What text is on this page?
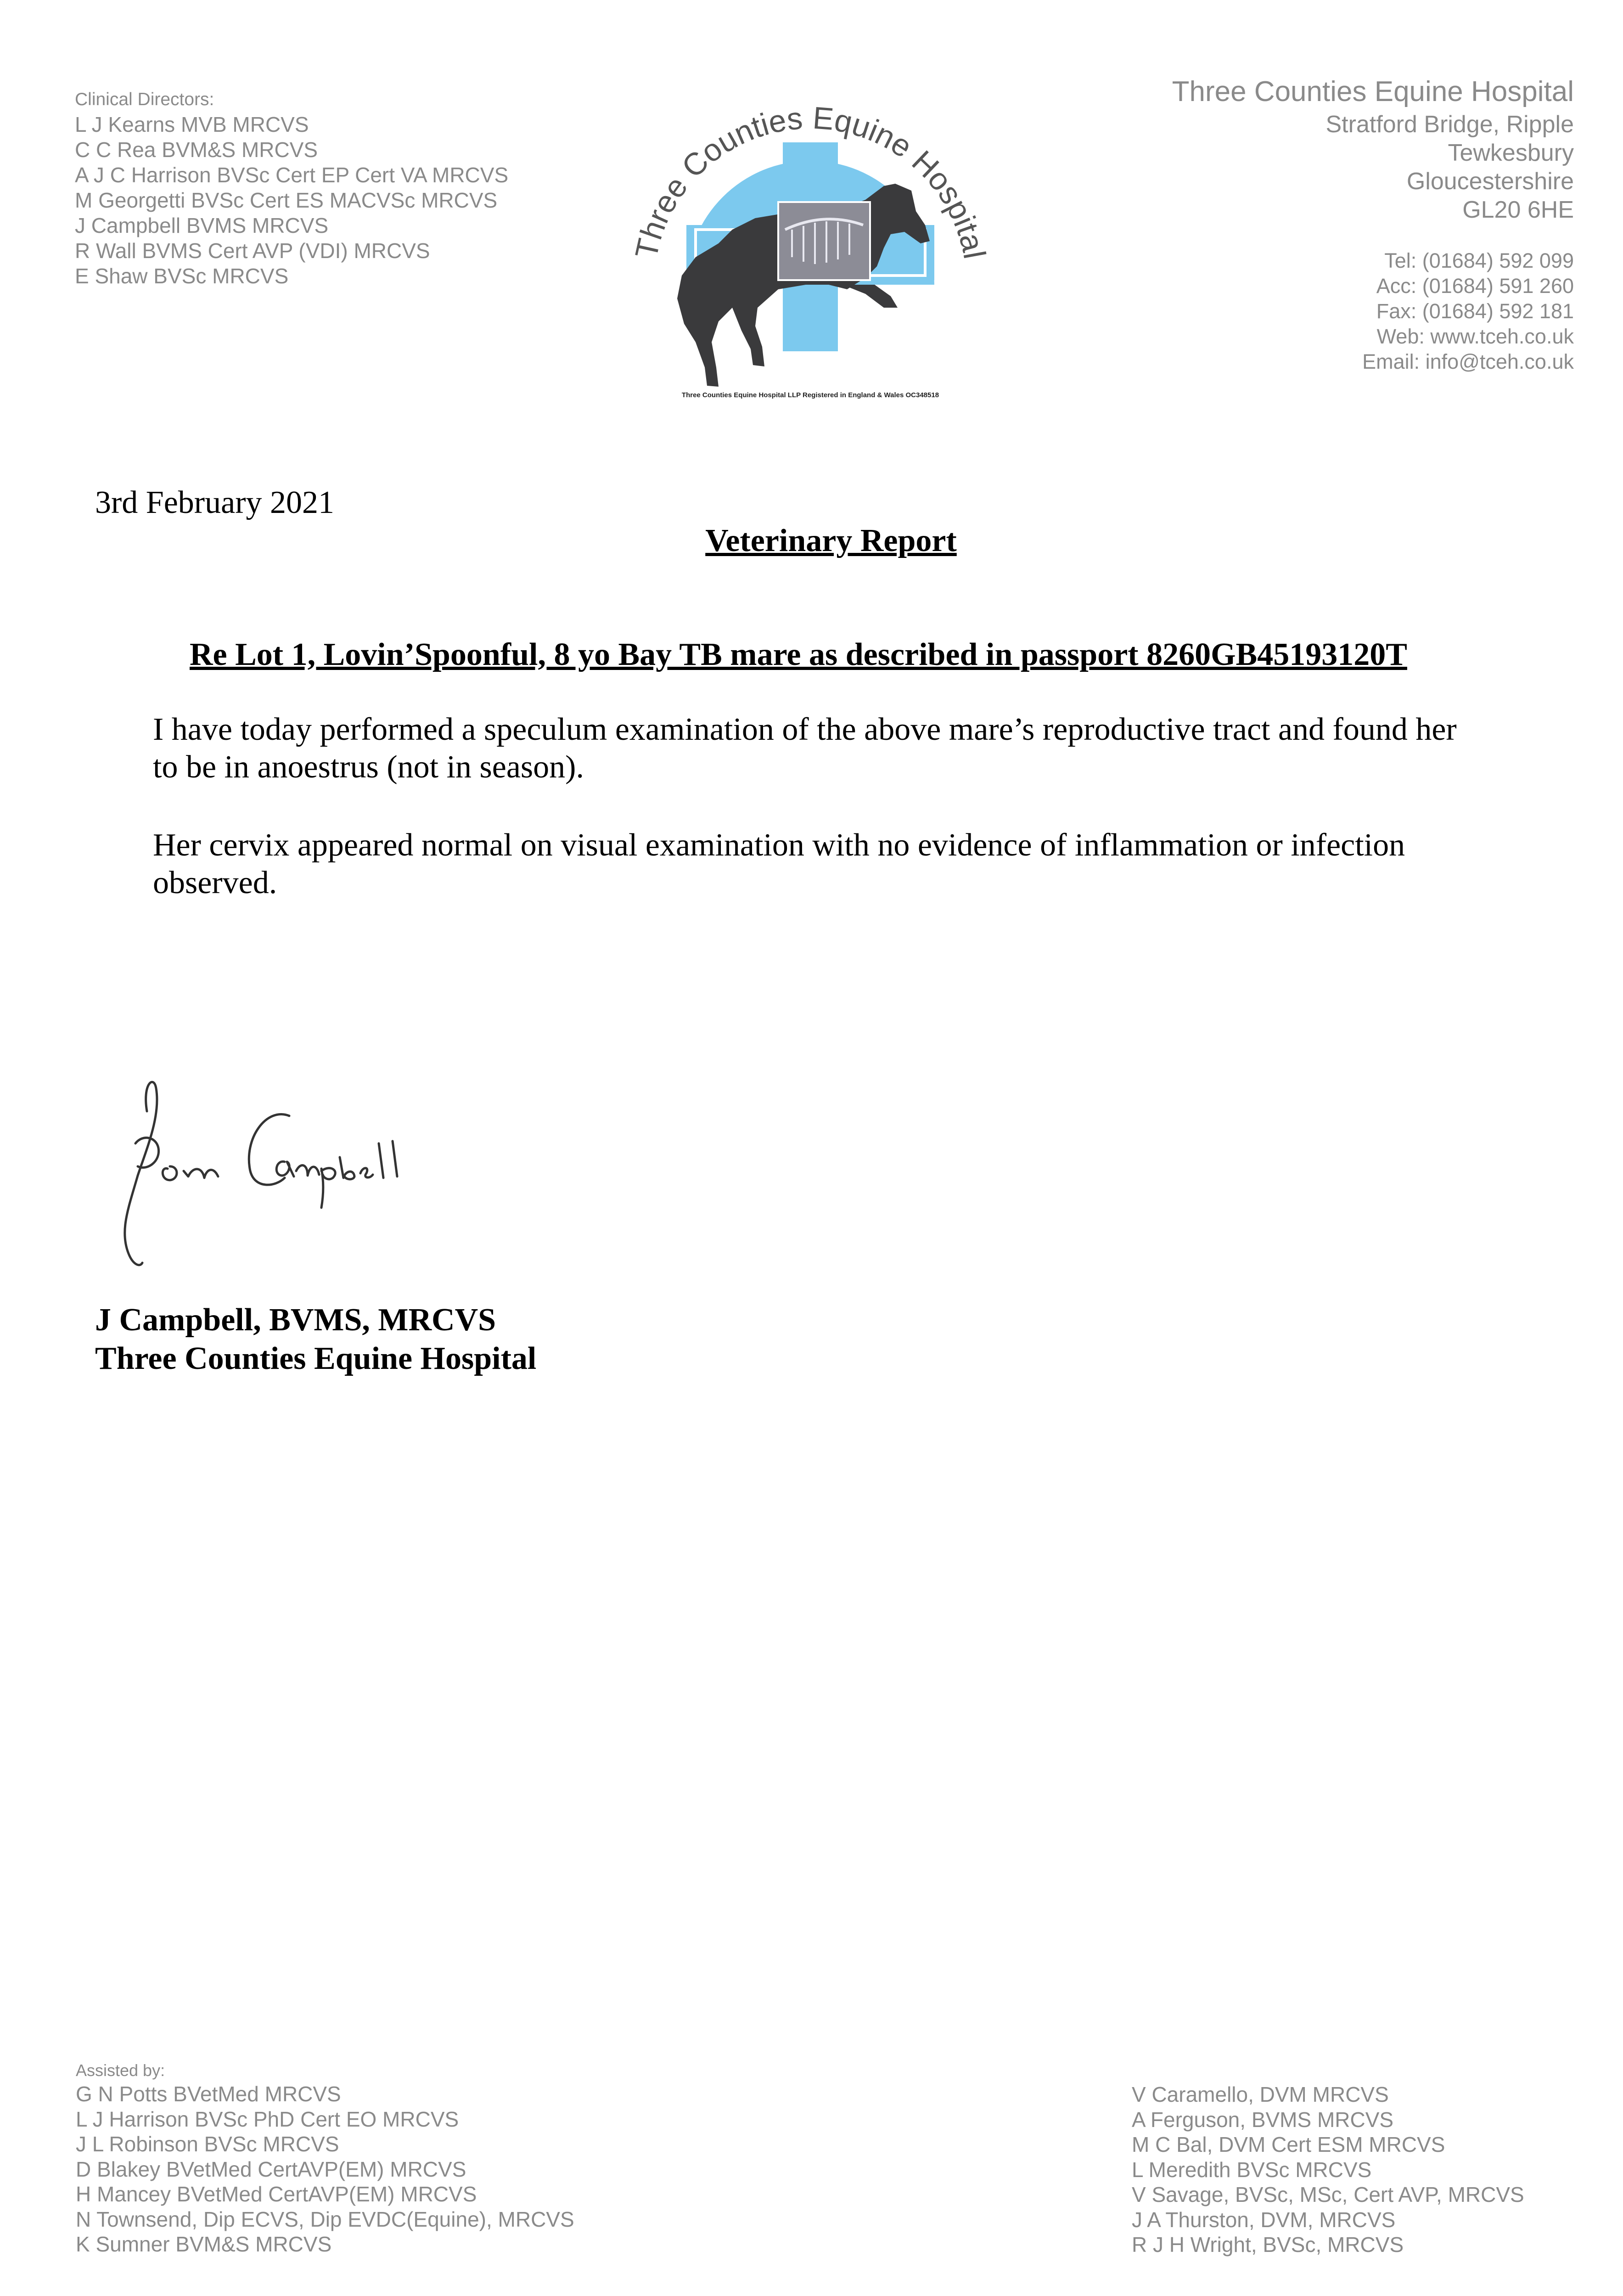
Clinical Directors:
L J Kearns MVB MRCVS
C C Rea BVM&S MRCVS
A J C Harrison BVSc Cert EP Cert VA MRCVS
M Georgetti BVSc Cert ES MACVSc MRCVS
J Campbell BVMS MRCVS
R Wall BVMS Cert AVP (VDI) MRCVS
E Shaw BVSc MRCVS
Three Counties Equine Hospital
Three Counties Equine Hospital LLP Registered in England & Wales OC348518
Three Counties Equine Hospital
Stratford Bridge, Ripple
Tewkesbury
Gloucestershire
GL20 6HE
Tel: (01684) 592 099
Acc: (01684) 591 260
Fax: (01684) 592 181
Web: www.tceh.co.uk
Email: info@tceh.co.uk
3rd February 2021
Veterinary Report
Re Lot 1, Lovin’Spoonful, 8 yo Bay TB mare as described in passport 8260GB45193120T
I have today performed a speculum examination of the above mare’s reproductive tract and found her to be in anoestrus (not in season).
Her cervix appeared normal on visual examination with no evidence of inflammation or infection observed.
J Campbell, BVMS, MRCVS
Three Counties Equine Hospital
Assisted by:
G N Potts BVetMed MRCVS
L J Harrison BVSc PhD Cert EO MRCVS
J L Robinson BVSc MRCVS
D Blakey BVetMed CertAVP(EM) MRCVS
H Mancey BVetMed CertAVP(EM) MRCVS
N Townsend, Dip ECVS, Dip EVDC(Equine), MRCVS
K Sumner BVM&S MRCVS
V Caramello, DVM MRCVS
A Ferguson, BVMS MRCVS
M C Bal, DVM Cert ESM MRCVS
L Meredith BVSc MRCVS
V Savage, BVSc, MSc, Cert AVP, MRCVS
J A Thurston, DVM, MRCVS
R J H Wright, BVSc, MRCVS
